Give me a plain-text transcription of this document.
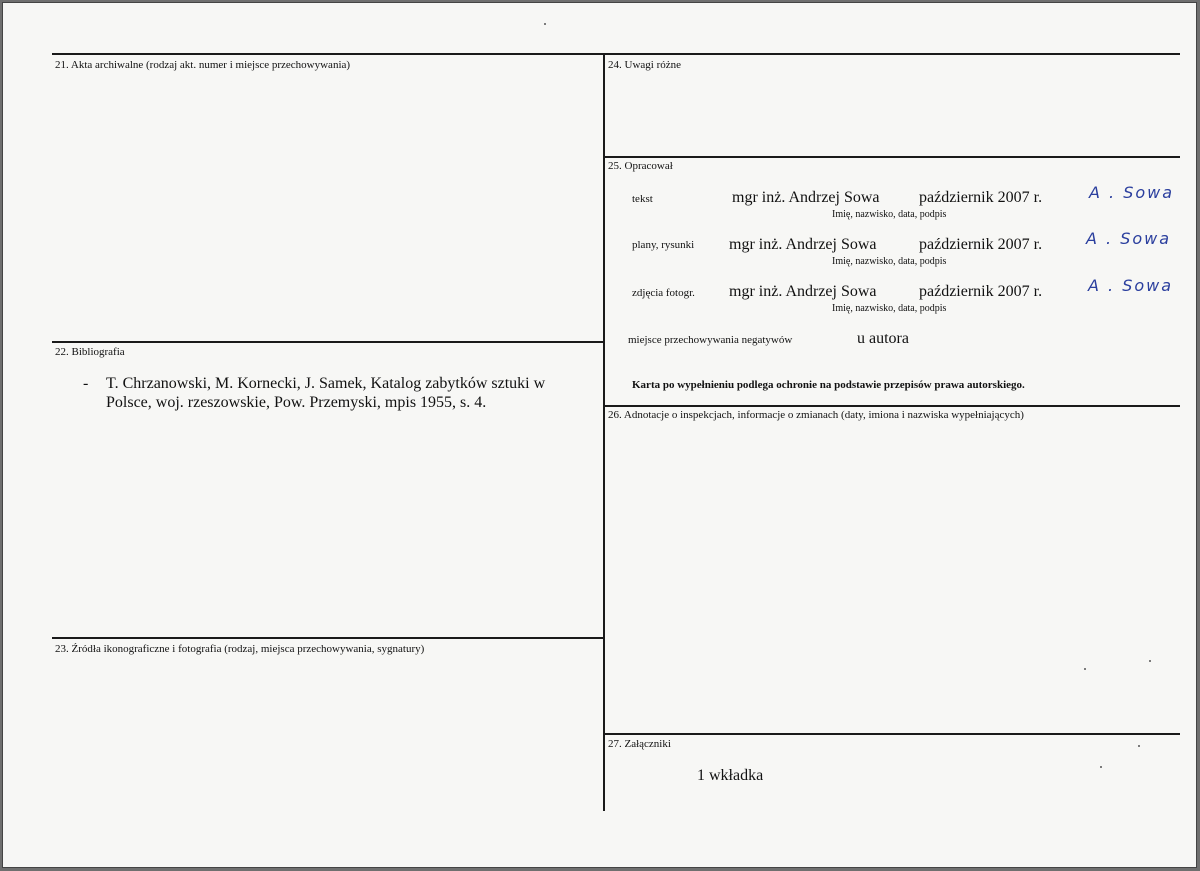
21. Akta archiwalne (rodzaj akt. numer i miejsce przechowywania)
22. Bibliografia
- T. Chrzanowski, M. Kornecki, J. Samek, Katalog zabytków sztuki w Polsce, woj. rzeszowskie, Pow. Przemyski, mpis 1955, s. 4.
23. Źródła ikonograficzne i fotografia (rodzaj, miejsca przechowywania, sygnatury)
24. Uwagi różne
25. Opracował
tekst	mgr inż. Andrzej Sowa październik 2007 r.
Imię, nazwisko, data, podpis
A . Sowa
plany, rysunki mgr inż. Andrzej Sowa	październik 2007 r.
Imię, nazwisko, data, podpis
A . Sowa
zdjęcia fotogr. mgr inż. Andrzej Sowa	październik 2007 r.
Imię, nazwisko, data, podpis
A . Sowa
miejsce przechowywania negatywów	u autora
Karta po wypełnieniu podlega ochronie na podstawie przepisów prawa autorskiego.
26. Adnotacje o inspekcjach, informacje o zmianach (daty, imiona i nazwiska wypełniających)
27. Załączniki
1 wkładka
